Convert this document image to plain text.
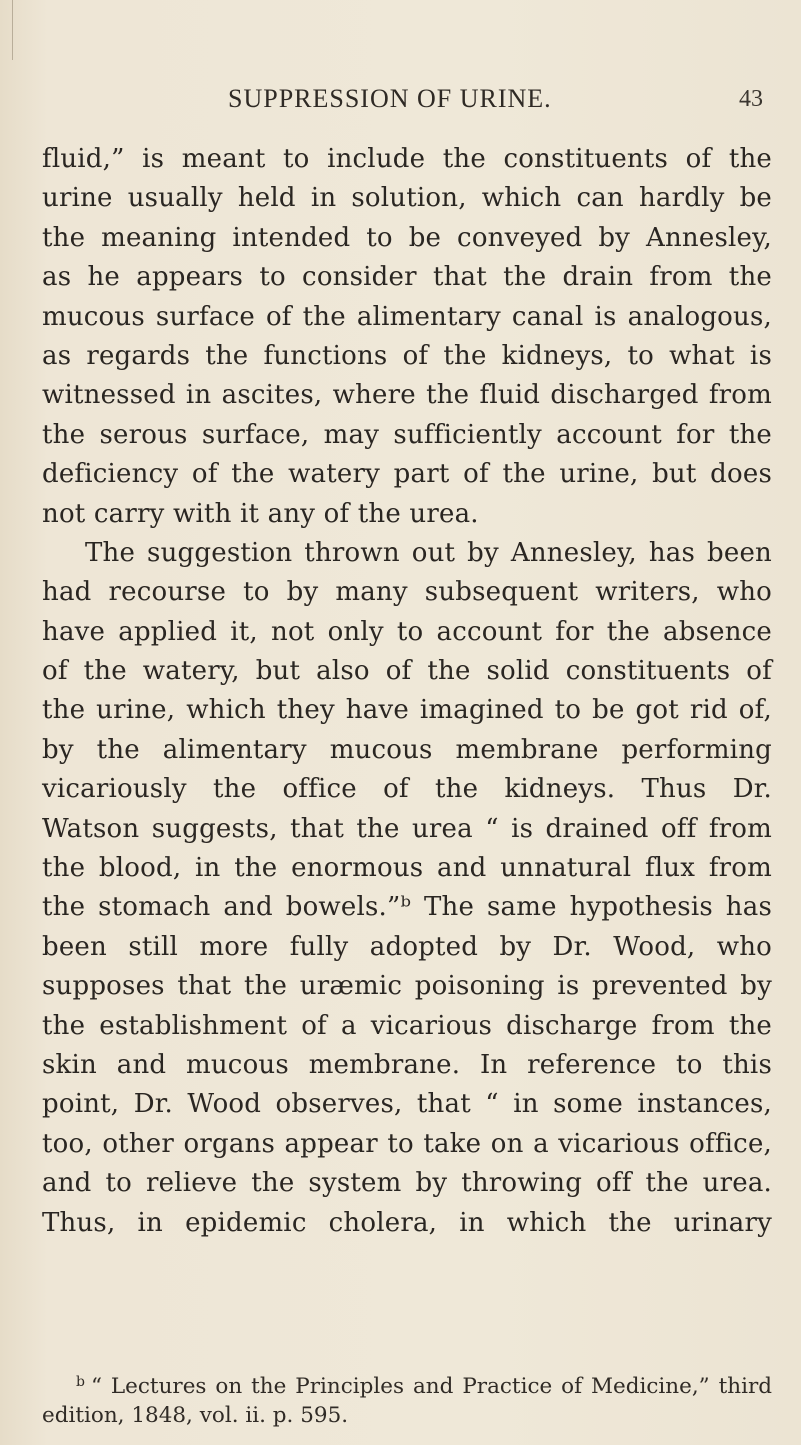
SUPPRESSION OF URINE.	43
fluid,” is meant to include the constituents of the
urine usually held in solution, which can hardly be
the meaning intended to be conveyed by Annesley,
as he appears to consider that the drain from the
mucous surface of the alimentary canal is analogous,
as regards the functions of the kidneys, to what is
witnessed in ascites, where the fluid discharged from
the serous surface, may sufficiently account for the
deficiency of the watery part of the urine, but does
not carry with it any of the urea.
The suggestion thrown out by Annesley, has been
had recourse to by many subsequent writers, who
have applied it, not only to account for the absence
of the watery, but also of the solid constituents of
the urine, which they have imagined to be got rid of,
by the alimentary mucous membrane performing
vicariously the office of the kidneys. Thus Dr.
Watson suggests, that the urea “ is drained off from
the blood, in the enormous and unnatural flux from
the stomach and bowels.”ᵇ The same hypothesis has
been still more fully adopted by Dr. Wood, who
supposes that the uræmic poisoning is prevented by
the establishment of a vicarious discharge from the
skin and mucous membrane. In reference to this
point, Dr. Wood observes, that “ in some instances,
too, other organs appear to take on a vicarious office,
and to relieve the system by throwing off the urea.
Thus, in epidemic cholera, in which the urinary
$^b$ “ Lectures on the Principles and Practice of Medicine,” third
edition, 1848, vol. ii. p. 595.
